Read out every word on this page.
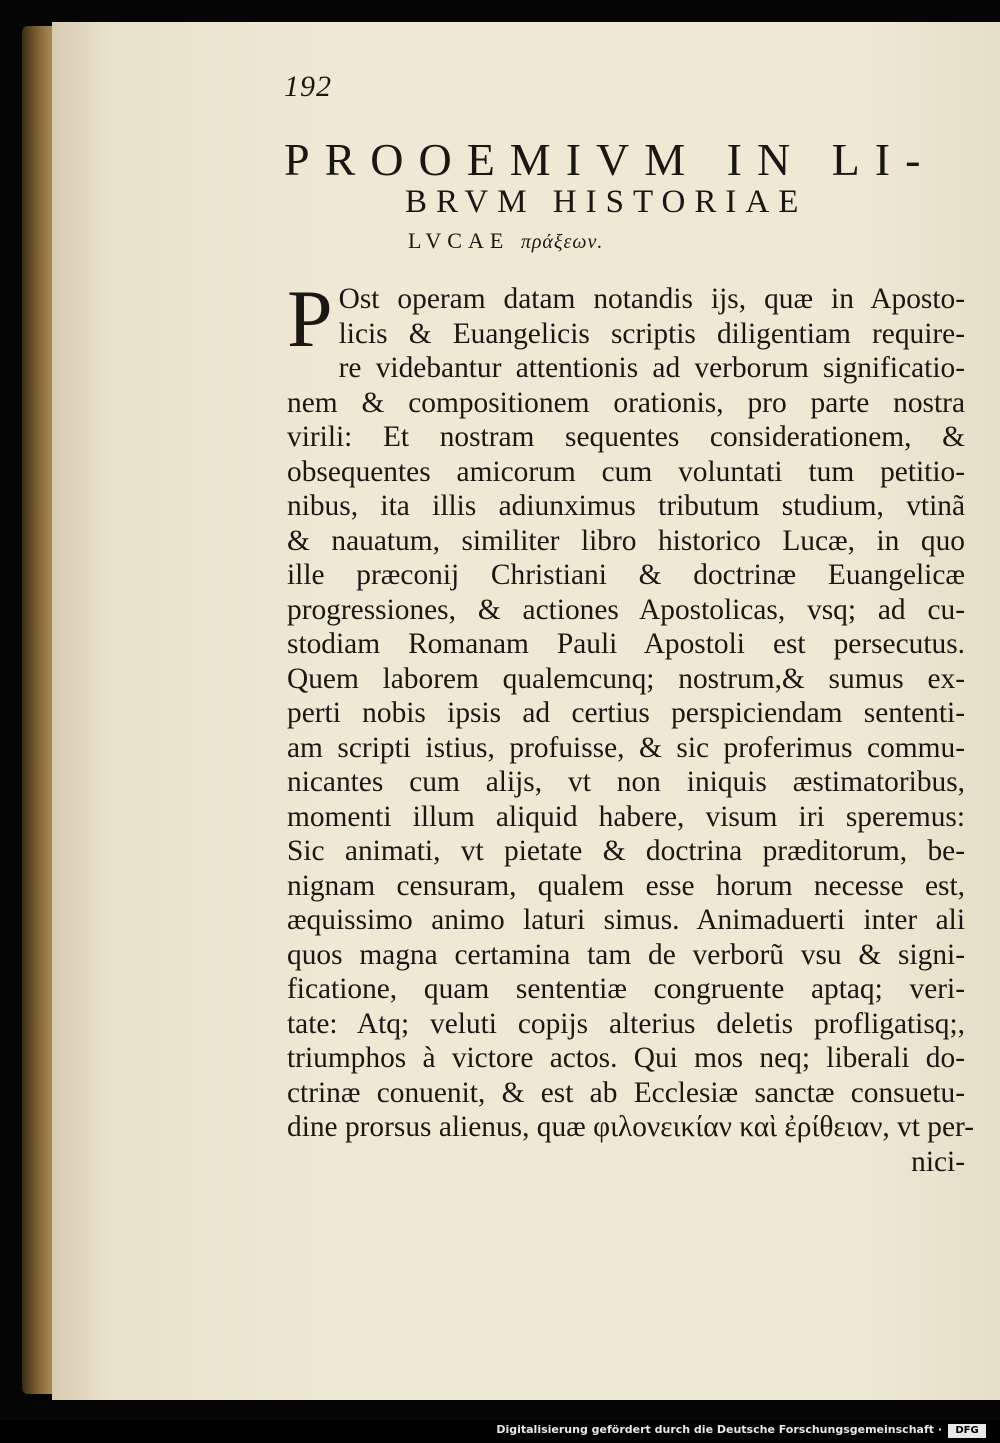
192
PROOEMIVM IN LI-
BRVM HISTORIAE
LVCAE πράξεων.
P Ost operam datam notandis ijs, quæ in Aposto-
licis & Euangelicis scriptis diligentiam require-
re videbantur attentionis ad verborum significatio-
nem & compositionem orationis, pro parte nostra
virili: Et nostram sequentes considerationem, &
obsequentes amicorum cum voluntati tum petitio-
nibus, ita illis adiunximus tributum studium, vtinã
& nauatum, similiter libro historico Lucæ, in quo
ille præconij Christiani & doctrinæ Euangelicæ
progressiones, & actiones Apostolicas, vsq; ad cu-
stodiam Romanam Pauli Apostoli est persecutus.
Quem laborem qualemcunq; nostrum,& sumus ex-
perti nobis ipsis ad certius perspiciendam sententi-
am scripti istius, profuisse, & sic proferimus commu-
nicantes cum alijs, vt non iniquis æstimatoribus,
momenti illum aliquid habere, visum iri speremus:
Sic animati, vt pietate & doctrina præditorum, be-
nignam censuram, qualem esse horum necesse est,
æquissimo animo laturi simus. Animaduerti inter ali
quos magna certamina tam de verborũ vsu & signi-
ficatione, quam sententiæ congruente aptaq; veri-
tate: Atq; veluti copijs alterius deletis profligatisq;,
triumphos à victore actos. Qui mos neq; liberali do-
ctrinæ conuenit, & est ab Ecclesiæ sanctæ consuetu-
dine prorsus alienus, quæ φιλονεικίαν καὶ ἐρίθειαν, vt per-
nici-
Digitalisierung gefördert durch die Deutsche Forschungsgemeinschaft ·	DFG
